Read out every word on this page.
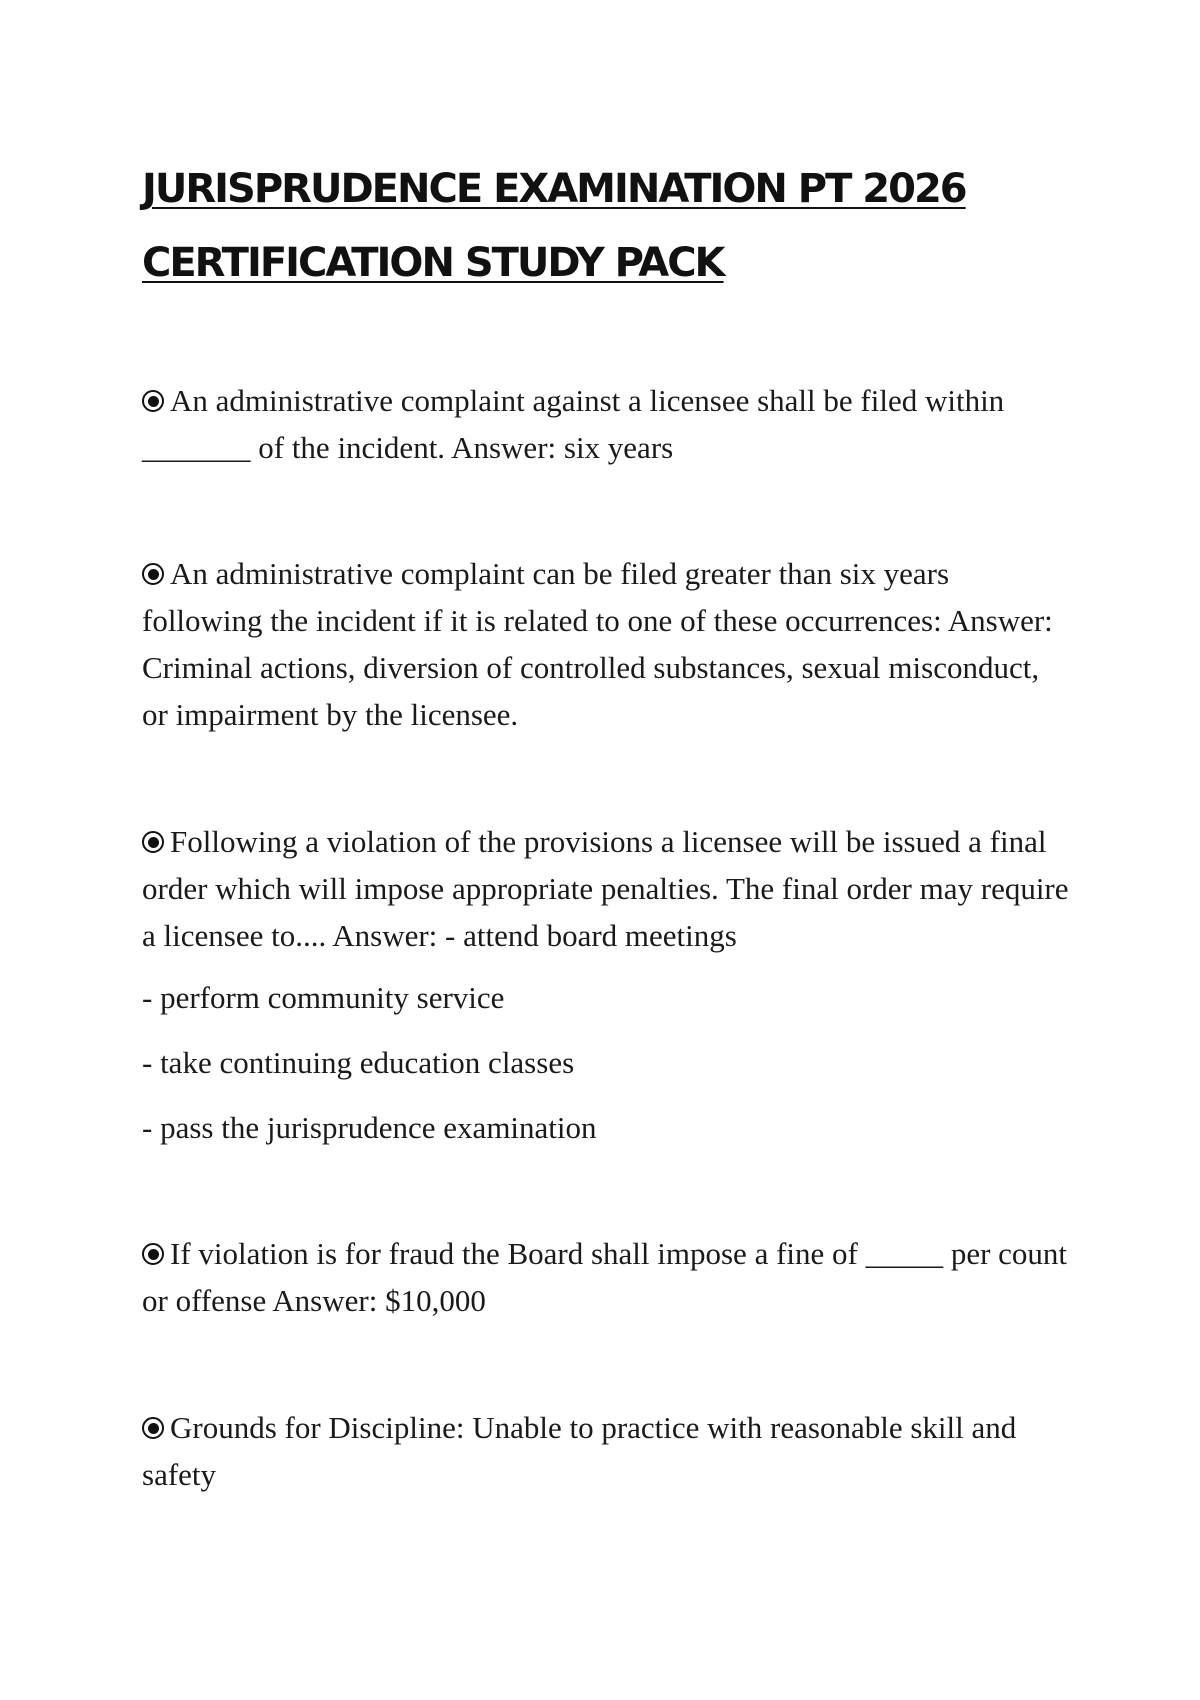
JURISPRUDENCE EXAMINATION PT 2026
CERTIFICATION STUDY PACK

An administrative complaint against a licensee shall be filed within _______ of the incident. Answer: six years

An administrative complaint can be filed greater than six years following the incident if it is related to one of these occurrences: Answer: Criminal actions, diversion of controlled substances, sexual misconduct, or impairment by the licensee.

Following a violation of the provisions a licensee will be issued a final order which will impose appropriate penalties. The final order may require a licensee to.... Answer: - attend board meetings

- perform community service

- take continuing education classes

- pass the jurisprudence examination

If violation is for fraud the Board shall impose a fine of _____ per count or offense Answer: $10,000

Grounds for Discipline: Unable to practice with reasonable skill and safety
